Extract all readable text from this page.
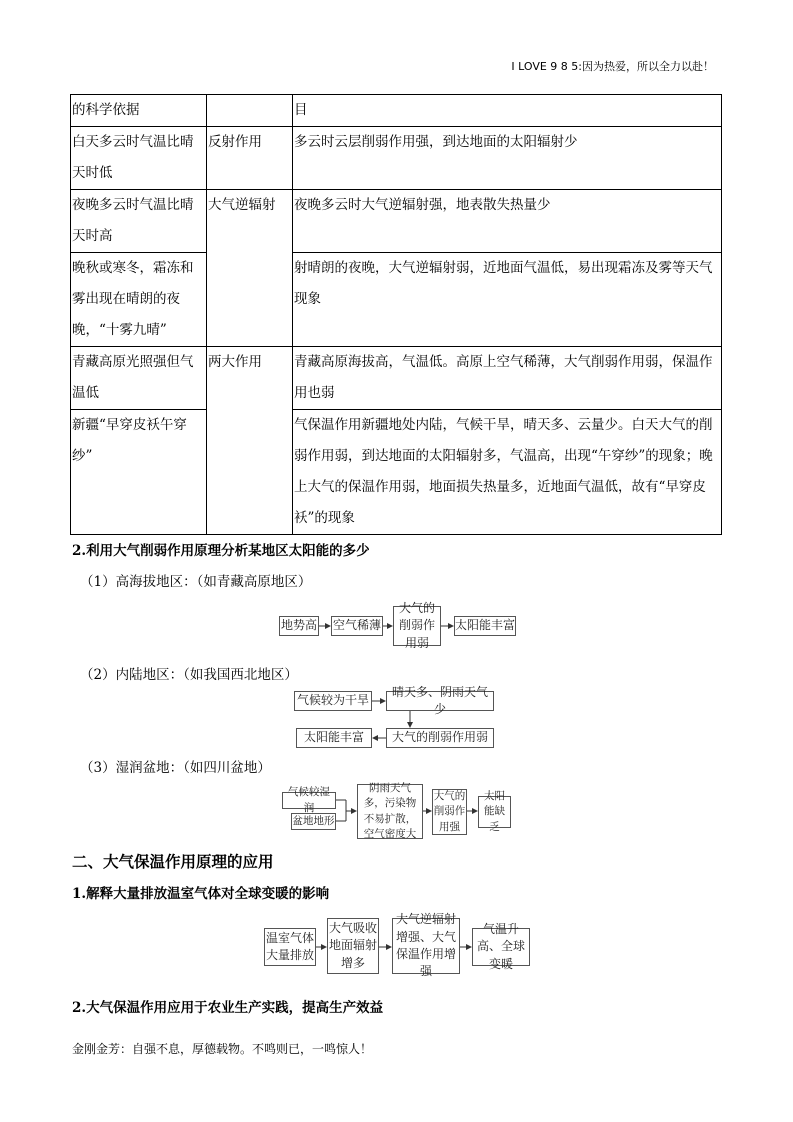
I LOVE 9 8 5:因为热爱，所以全力以赴！
的科学依据		目
白天多云时气温比晴天时低	反射作用	多云时云层削弱作用强，到达地面的太阳辐射少
夜晚多云时气温比晴天时高	大气逆辐射	夜晚多云时大气逆辐射强，地表散失热量少
晚秋或寒冬，霜冻和雾出现在晴朗的夜晚，“十雾九晴”		射晴朗的夜晚，大气逆辐射弱，近地面气温低，易出现霜冻及雾等天气现象
青藏高原光照强但气温低	两大作用	青藏高原海拔高，气温低。高原上空气稀薄，大气削弱作用弱，保温作用也弱
新疆“早穿皮袄午穿纱”		气保温作用新疆地处内陆，气候干旱，晴天多、云量少。白天大气的削弱作用弱，到达地面的太阳辐射多，气温高，出现“午穿纱”的现象；晚上大气的保温作用弱，地面损失热量多，近地面气温低，故有“早穿皮袄”的现象
2.利用大气削弱作用原理分析某地区太阳能的多少
（1）高海拔地区：（如青藏高原地区）
地势高 空气稀薄
大气的削弱作用弱
太阳能丰富
（2）内陆地区：（如我国西北地区）
气候较为干旱
晴天多、阴雨天气少
大气的削弱作用弱
太阳能丰富
（3）湿润盆地：（如四川盆地）
气候较湿润
盆地地形
阴雨天气多，污染物不易扩散，空气密度大
大气的削弱作用强
太阳能缺乏
二、大气保温作用原理的应用
1.解释大量排放温室气体对全球变暖的影响
温室气体大量排放
大气吸收地面辐射增多
大气逆辐射增强、大气保温作用增强
气温升高、全球变暖
2.大气保温作用应用于农业生产实践，提高生产效益
金刚金芳：自强不息，厚德载物。不鸣则已，一鸣惊人！
